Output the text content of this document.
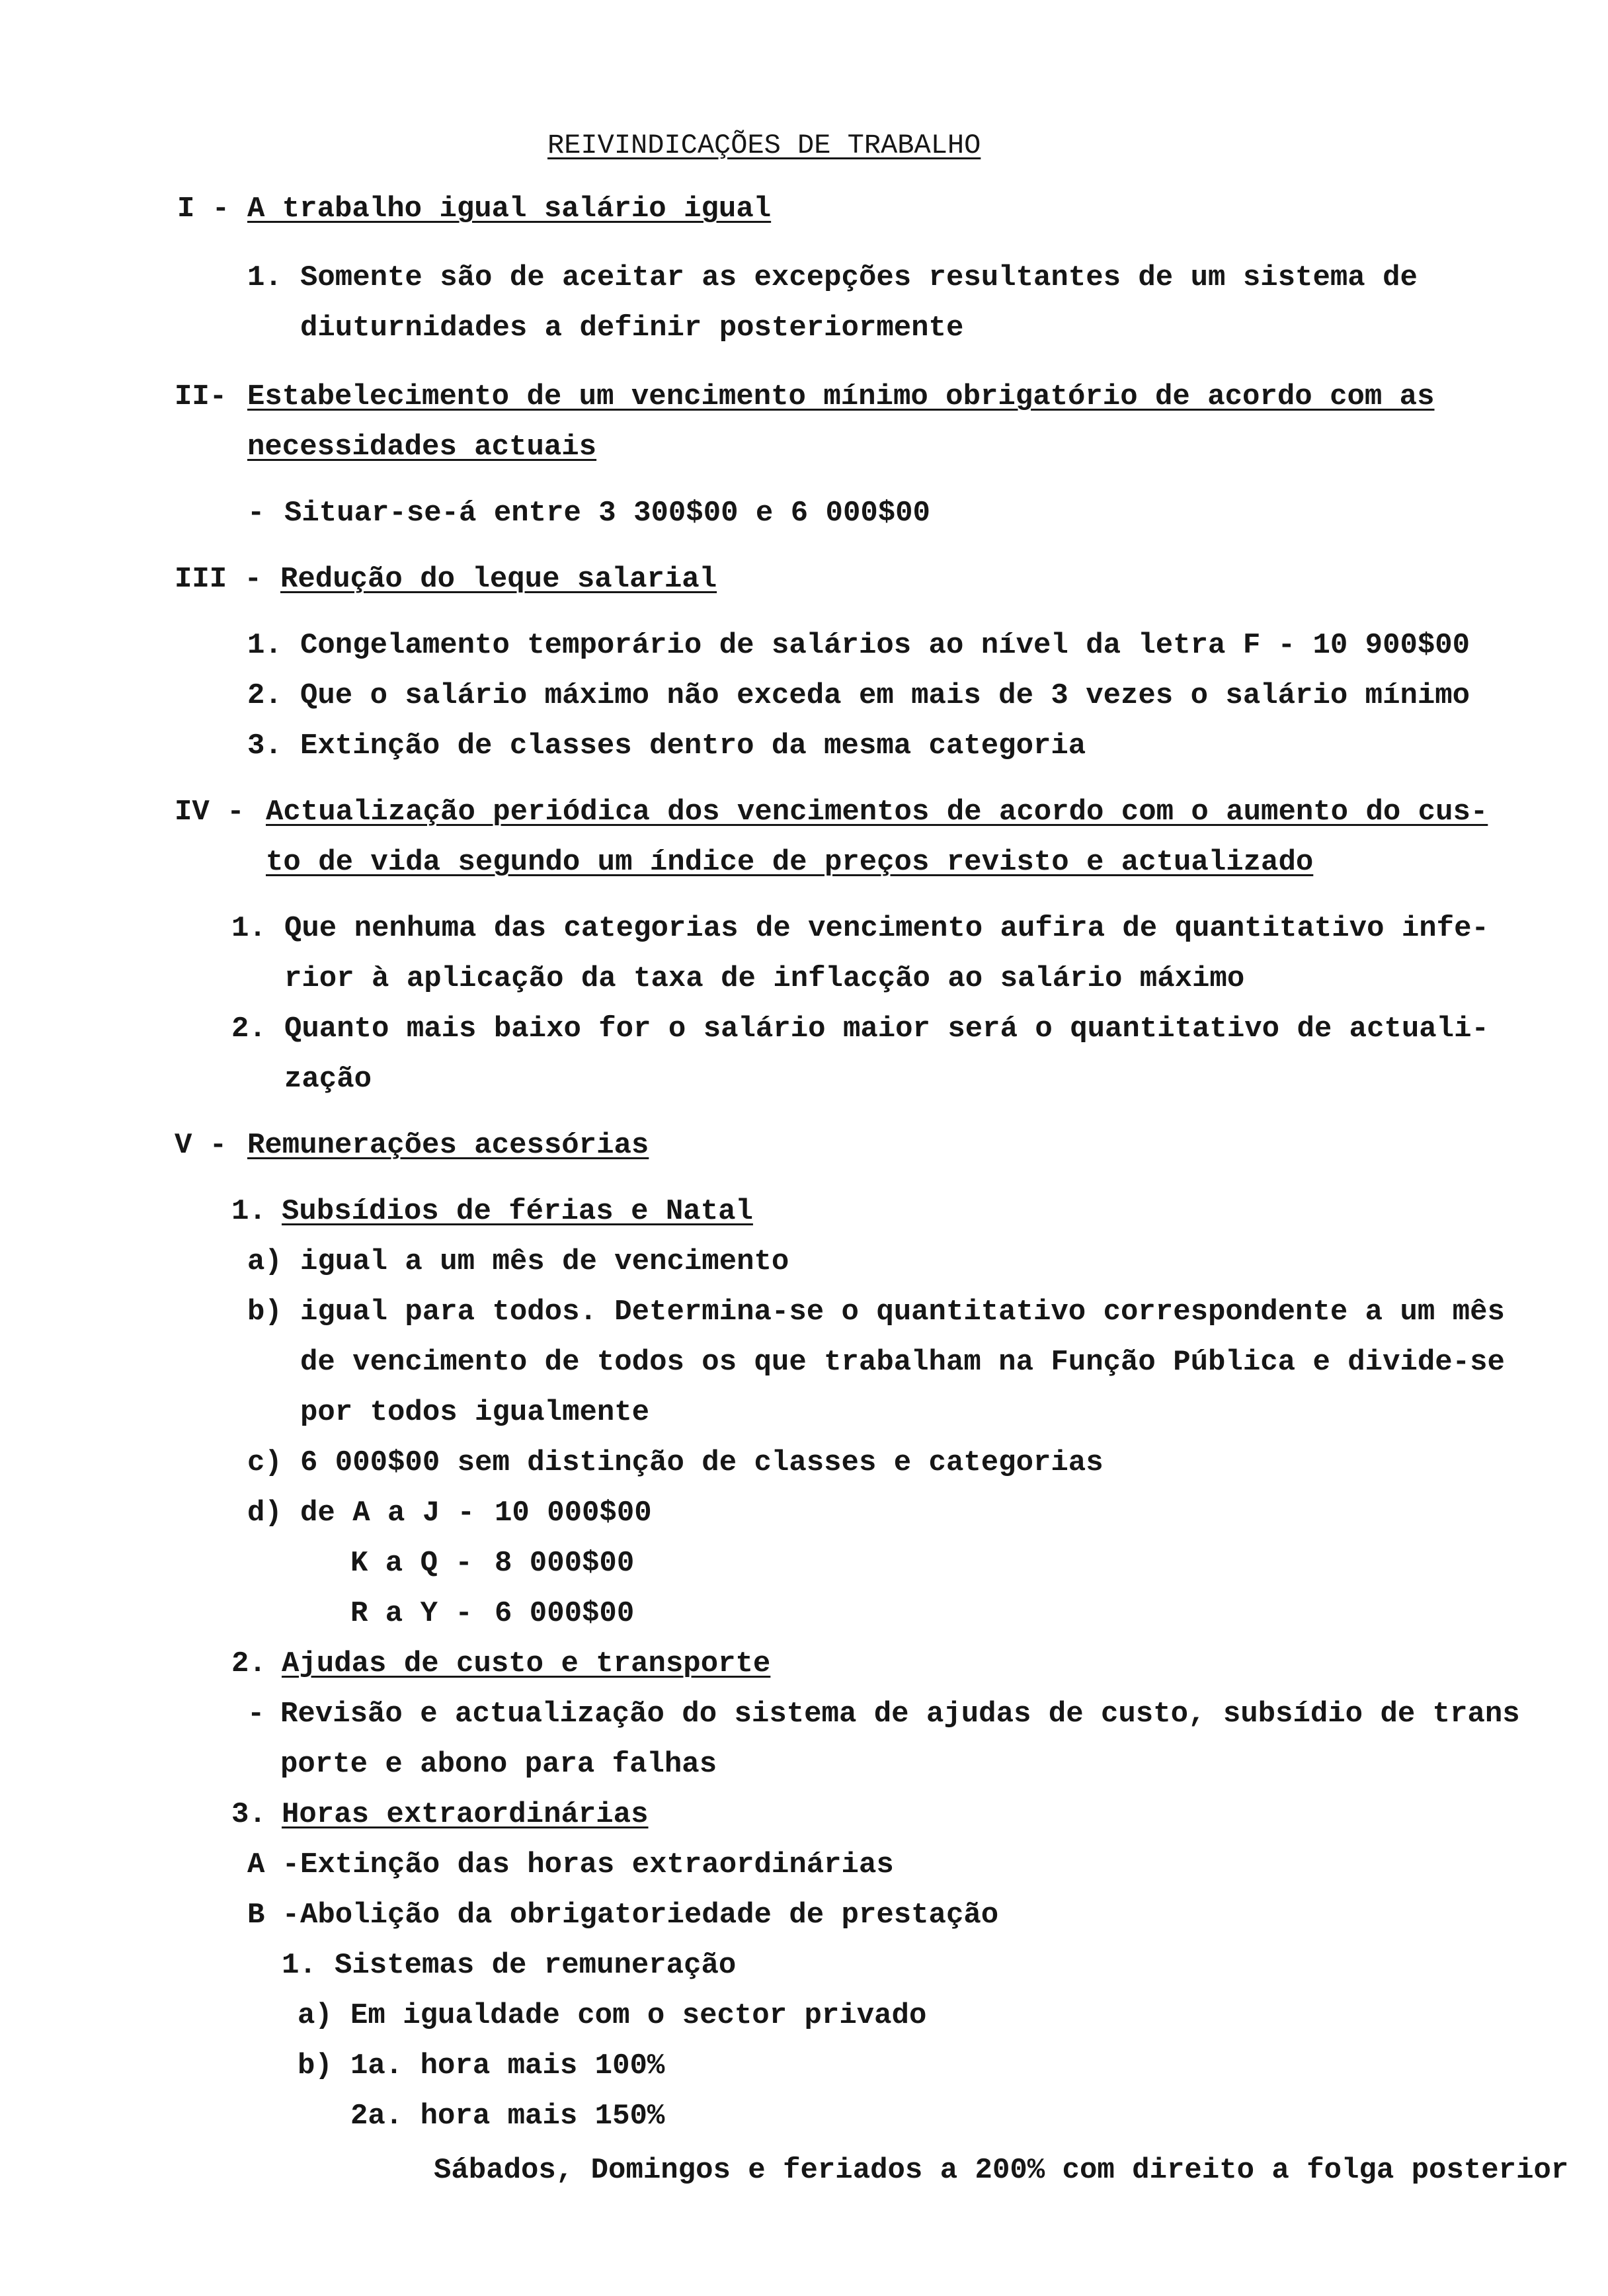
REIVINDICAÇÕES DE TRABALHO
I - A trabalho igual salário igual
1. Somente são de aceitar as excepções resultantes de um sistema de
diuturnidades a definir posteriormente
II- Estabelecimento de um vencimento mínimo obrigatório de acordo com as
necessidades actuais
- Situar-se-á entre 3 300$00 e 6 000$00
III - Redução do leque salarial
1. Congelamento temporário de salários ao nível da letra F - 10 900$00
2. Que o salário máximo não exceda em mais de 3 vezes o salário mínimo
3. Extinção de classes dentro da mesma categoria
IV - Actualização periódica dos vencimentos de acordo com o aumento do cus-
to de vida segundo um índice de preços revisto e actualizado
1. Que nenhuma das categorias de vencimento aufira de quantitativo infe-
rior à aplicação da taxa de inflacção ao salário máximo
2. Quanto mais baixo for o salário maior será o quantitativo de actuali-
zação
V - Remunerações acessórias
1. Subsídios de férias e Natal
a) igual a um mês de vencimento
b) igual para todos. Determina-se o quantitativo correspondente a um mês
de vencimento de todos os que trabalham na Função Pública e divide-se
por todos igualmente
c) 6 000$00 sem distinção de classes e categorias
d) de A a J - 10 000$00
K a Q - 8 000$00
R a Y - 6 000$00
2. Ajudas de custo e transporte
- Revisão e actualização do sistema de ajudas de custo, subsídio de trans
porte e abono para falhas
3. Horas extraordinárias
A -Extinção das horas extraordinárias
B -Abolição da obrigatoriedade de prestação
1. Sistemas de remuneração
a) Em igualdade com o sector privado
b) 1a. hora mais 100%
2a. hora mais 150%
Sábados, Domingos e feriados a 200% com direito a folga posterior
